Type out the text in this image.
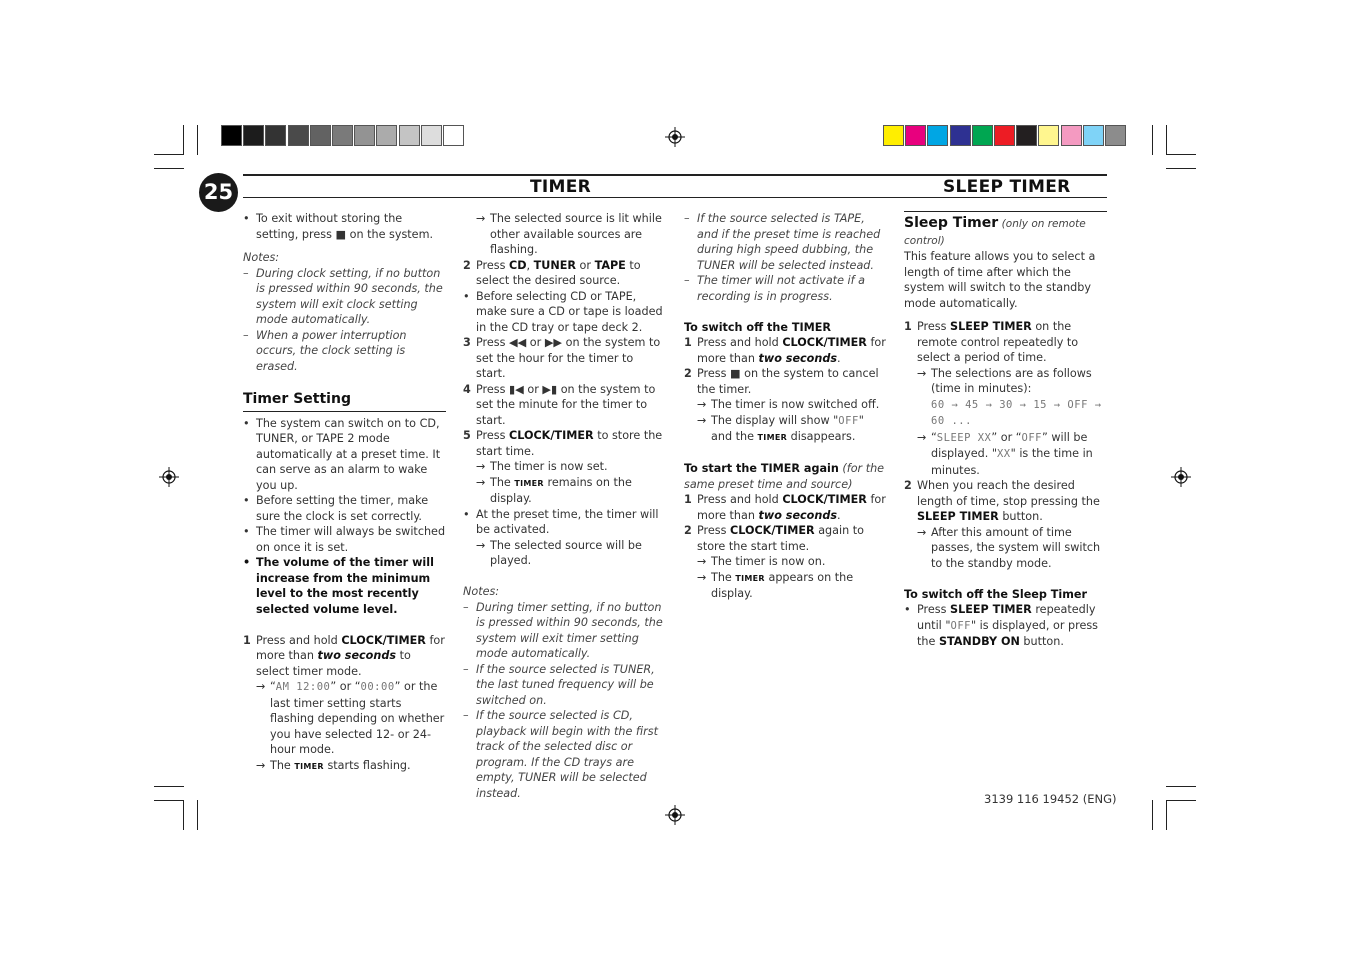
25	TIMER	SLEEP TIMER
• To exit without storing the setting, press ■ on the system.

Notes:

– During clock setting, if no button is pressed within 90 seconds, the system will exit clock setting mode automatically.

– When a power interruption occurs, the clock setting is erased.

Timer Setting
• The system can switch on to CD, TUNER, or TAPE 2 mode automatically at a preset time. It can serve as an alarm to wake you up.

• Before setting the timer, make sure the clock is set correctly.

• The timer will always be switched on once it is set.

• The volume of the timer will increase from the minimum level to the most recently selected volume level.

1 Press and hold CLOCK/TIMER for more than two seconds to select timer mode.

→ “AM 12:00” or “00:00” or the last timer setting starts flashing depending on whether you have selected 12- or 24-hour mode.

→ The TIMER starts flashing.

→ The selected source is lit while other available sources are flashing.

2 Press CD, TUNER or TAPE to select the desired source.

• Before selecting CD or TAPE, make sure a CD or tape is loaded in the CD tray or tape deck 2.

3 Press ◀◀ or ▶▶ on the system to set the hour for the timer to start.

4 Press ▮◀ or ▶▮ on the system to set the minute for the timer to start.

5 Press CLOCK/TIMER to store the start time.

→ The timer is now set.

→ The TIMER remains on the display.

• At the preset time, the timer will be activated.

→ The selected source will be played.

Notes:

– During timer setting, if no button is pressed within 90 seconds, the system will exit timer setting mode automatically.

– If the source selected is TUNER, the last tuned frequency will be switched on.

– If the source selected is CD, playback will begin with the first track of the selected disc or program. If the CD trays are empty, TUNER will be selected instead.

– If the source selected is TAPE, and if the preset time is reached during high speed dubbing, the TUNER will be selected instead.

– The timer will not activate if a recording is in progress.

To switch off the TIMER

1 Press and hold CLOCK/TIMER for more than two seconds.

2 Press ■ on the system to cancel the timer.

→ The timer is now switched off.

→ The display will show "OFF" and the TIMER disappears.

To start the TIMER again (for the same preset time and source)

1 Press and hold CLOCK/TIMER for more than two seconds.

2 Press CLOCK/TIMER again to store the start time.

→ The timer is now on.

→ The TIMER appears on the display.

Sleep Timer (only on remote control)

This feature allows you to select a length of time after which the system will switch to the standby mode automatically.

1 Press SLEEP TIMER on the remote control repeatedly to select a period of time.

→ The selections are as follows (time in minutes):

60 → 45 → 30 → 15 → OFF → 60 ...
→ “SLEEP XX” or “OFF” will be displayed. "XX" is the time in minutes.

2 When you reach the desired length of time, stop pressing the SLEEP TIMER button.

→ After this amount of time passes, the system will switch to the standby mode.

To switch off the Sleep Timer

• Press SLEEP TIMER repeatedly until "OFF" is displayed, or press the STANDBY ON button.

3139 116 19452 (ENG)
